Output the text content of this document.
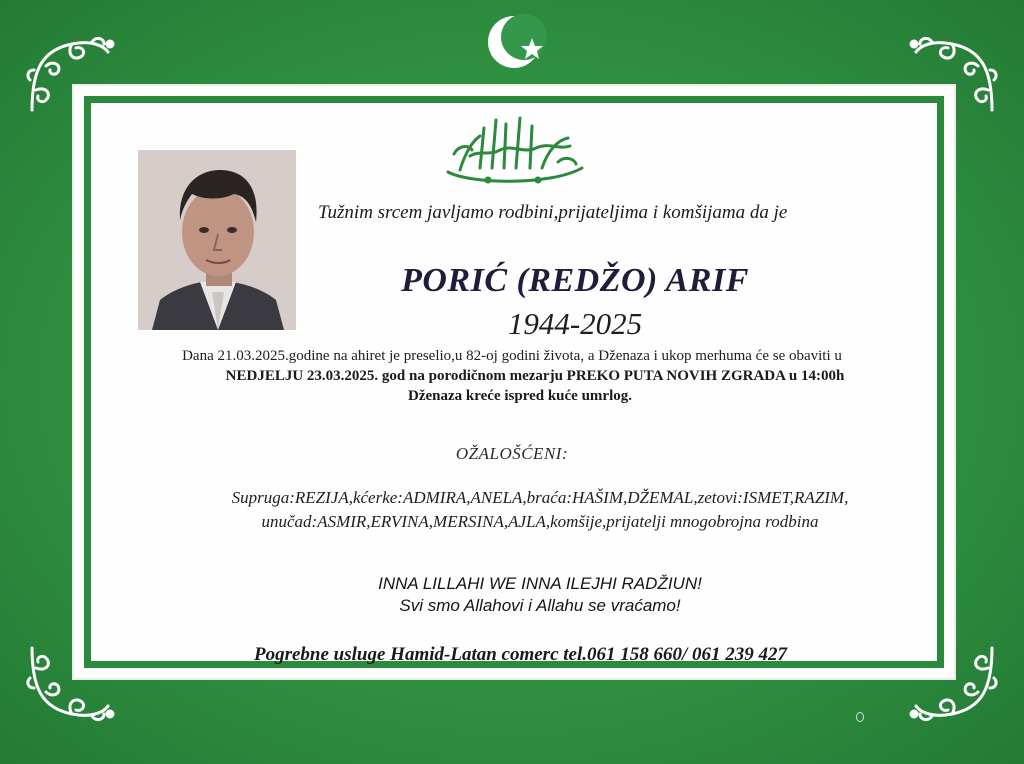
Tužnim srcem javljamo rodbini,prijateljima i komšijama da je
PORIĆ (REDŽO) ARIF
1944-2025
Dana 21.03.2025.godine na ahiret je preselio,u 82-oj godini života, a Dženaza i ukop merhuma će se obaviti u
NEDJELJU 23.03.2025. god na porodičnom mezarju PREKO PUTA NOVIH ZGRADA u 14:00h
Dženaza kreće ispred kuće umrlog.
OŽALOŠĆENI:
Supruga:REZIJA,kćerke:ADMIRA,ANELA,braća:HAŠIM,DŽEMAL,zetovi:ISMET,RAZIM,
unučad:ASMIR,ERVINA,MERSINA,AJLA,komšije,prijatelji mnogobrojna rodbina
INNA LILLAHI WE INNA ILEJHI RADŽIUN!
Svi smo Allahovi i Allahu se vraćamo!
Pogrebne usluge Hamid-Latan comerc tel.061 158 660/ 061 239 427
